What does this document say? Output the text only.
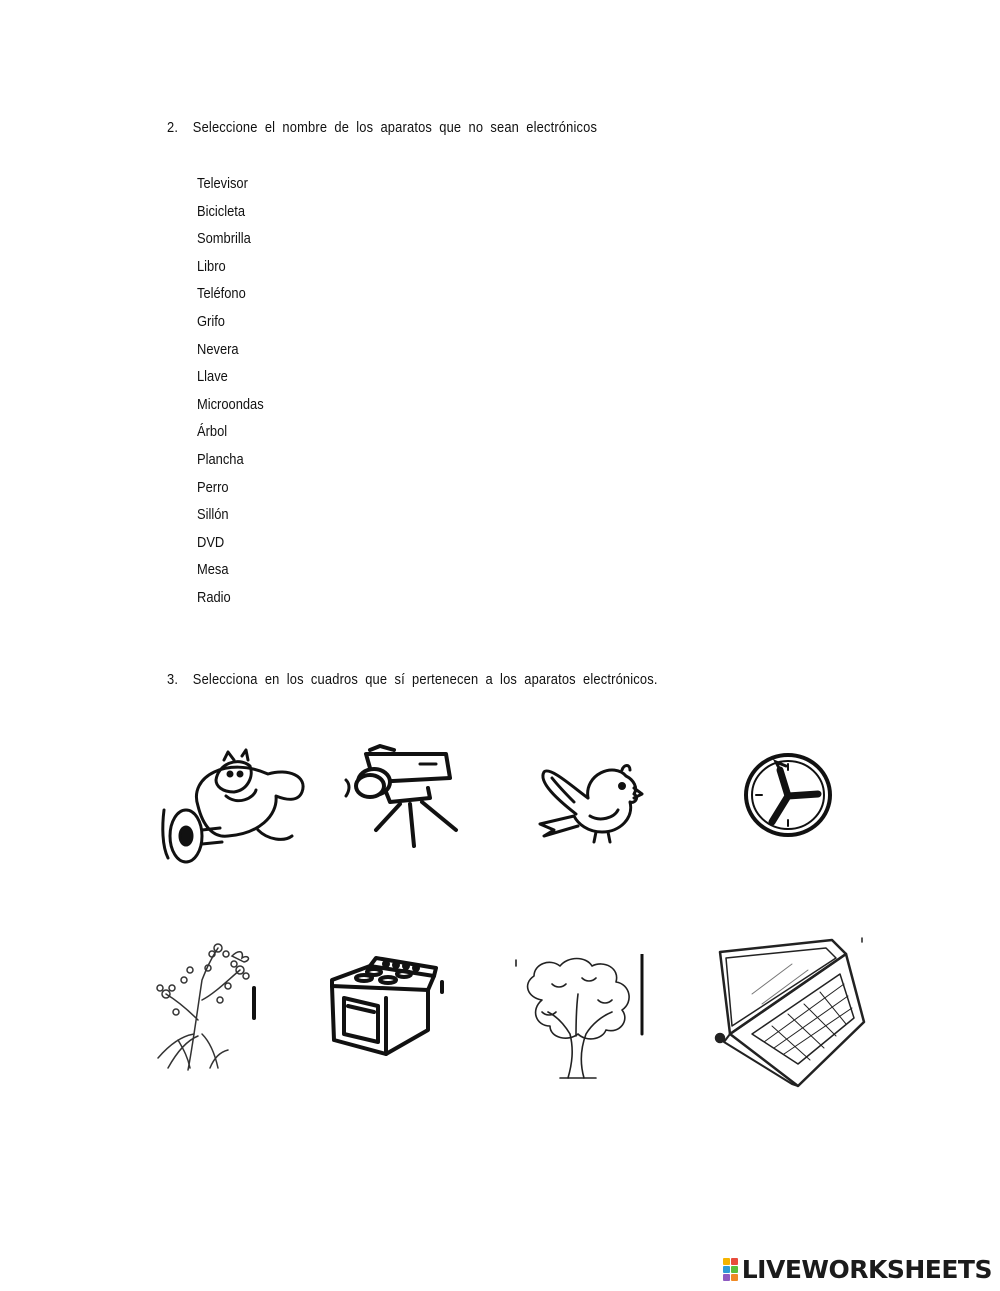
2. Seleccione el nombre de los aparatos que no sean electrónicos
Televisor
Bicicleta
Sombrilla
Libro
Teléfono
Grifo
Nevera
Llave
Microondas
Árbol
Plancha
Perro
Sillón
DVD
Mesa
Radio
3. Selecciona en los cuadros que sí pertenecen a los aparatos electrónicos.
LIVEWORKSHEETS
